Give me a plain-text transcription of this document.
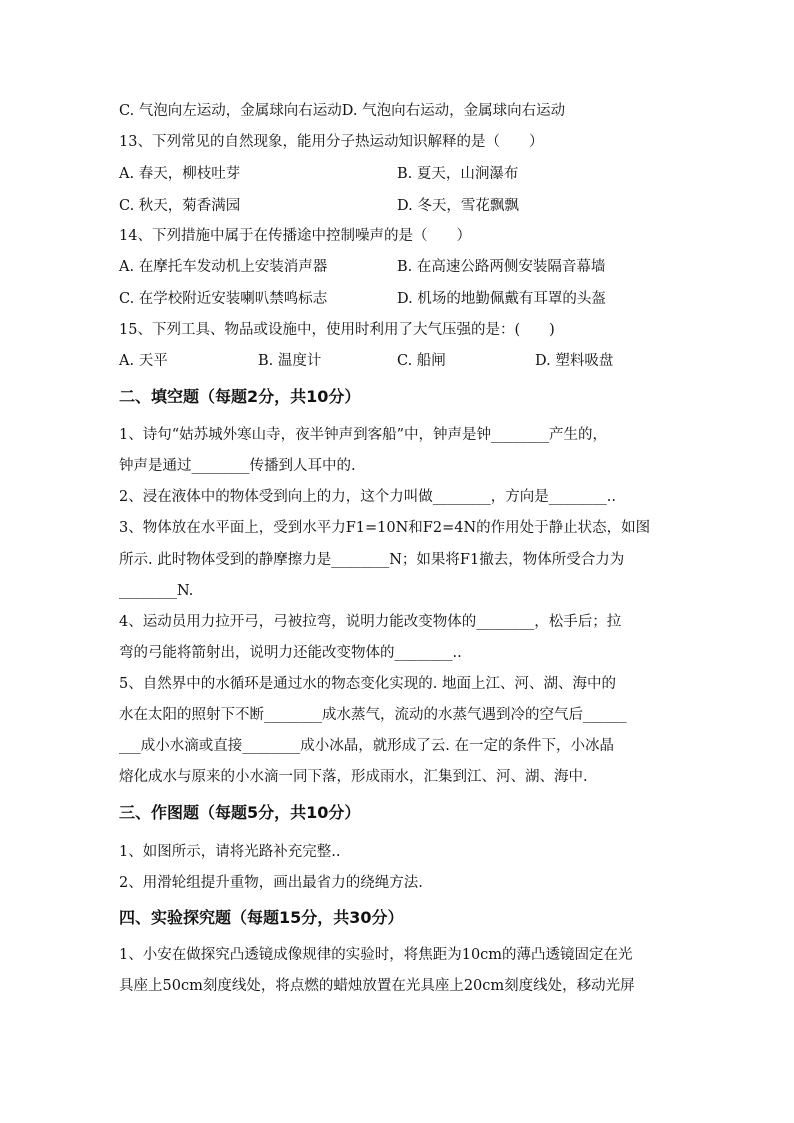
C. 气泡向左运动，金属球向右运动D. 气泡向右运动，金属球向右运动
13、下列常见的自然现象，能用分子热运动知识解释的是（　　）
A. 春天，柳枝吐芽	B. 夏天，山涧瀑布
C. 秋天，菊香满园	D. 冬天，雪花飘飘
14、下列措施中属于在传播途中控制噪声的是（　　）
A. 在摩托车发动机上安装消声器	B. 在高速公路两侧安装隔音幕墙
C. 在学校附近安装喇叭禁鸣标志	D. 机场的地勤佩戴有耳罩的头盔
15、下列工具、物品或设施中，使用时利用了大气压强的是：(　　)
A. 天平	B. 温度计	C. 船闸	D. 塑料吸盘
二、填空题（每题2分，共10分）
1、诗句“姑苏城外寒山寺，夜半钟声到客船”中，钟声是钟________产生的，
钟声是通过________传播到人耳中的.
2、浸在液体中的物体受到向上的力，这个力叫做________，方向是________..
3、物体放在水平面上，受到水平力F1=10N和F2=4N的作用处于静止状态，如图
所示. 此时物体受到的静摩擦力是________N；如果将F1撤去，物体所受合力为
________N.
4、运动员用力拉开弓，弓被拉弯，说明力能改变物体的________，松手后；拉
弯的弓能将箭射出，说明力还能改变物体的________..
5、自然界中的水循环是通过水的物态变化实现的. 地面上江、河、湖、海中的
水在太阳的照射下不断________成水蒸气，流动的水蒸气遇到冷的空气后______
___成小水滴或直接________成小冰晶，就形成了云. 在一定的条件下，小冰晶
熔化成水与原来的小水滴一同下落，形成雨水，汇集到江、河、湖、海中.
三、作图题（每题5分，共10分）
1、如图所示，请将光路补充完整..
2、用滑轮组提升重物，画出最省力的绕绳方法.
四、实验探究题（每题15分，共30分）
1、小安在做探究凸透镜成像规律的实验时，将焦距为10cm的薄凸透镜固定在光
具座上50cm刻度线处，将点燃的蜡烛放置在光具座上20cm刻度线处，移动光屏
